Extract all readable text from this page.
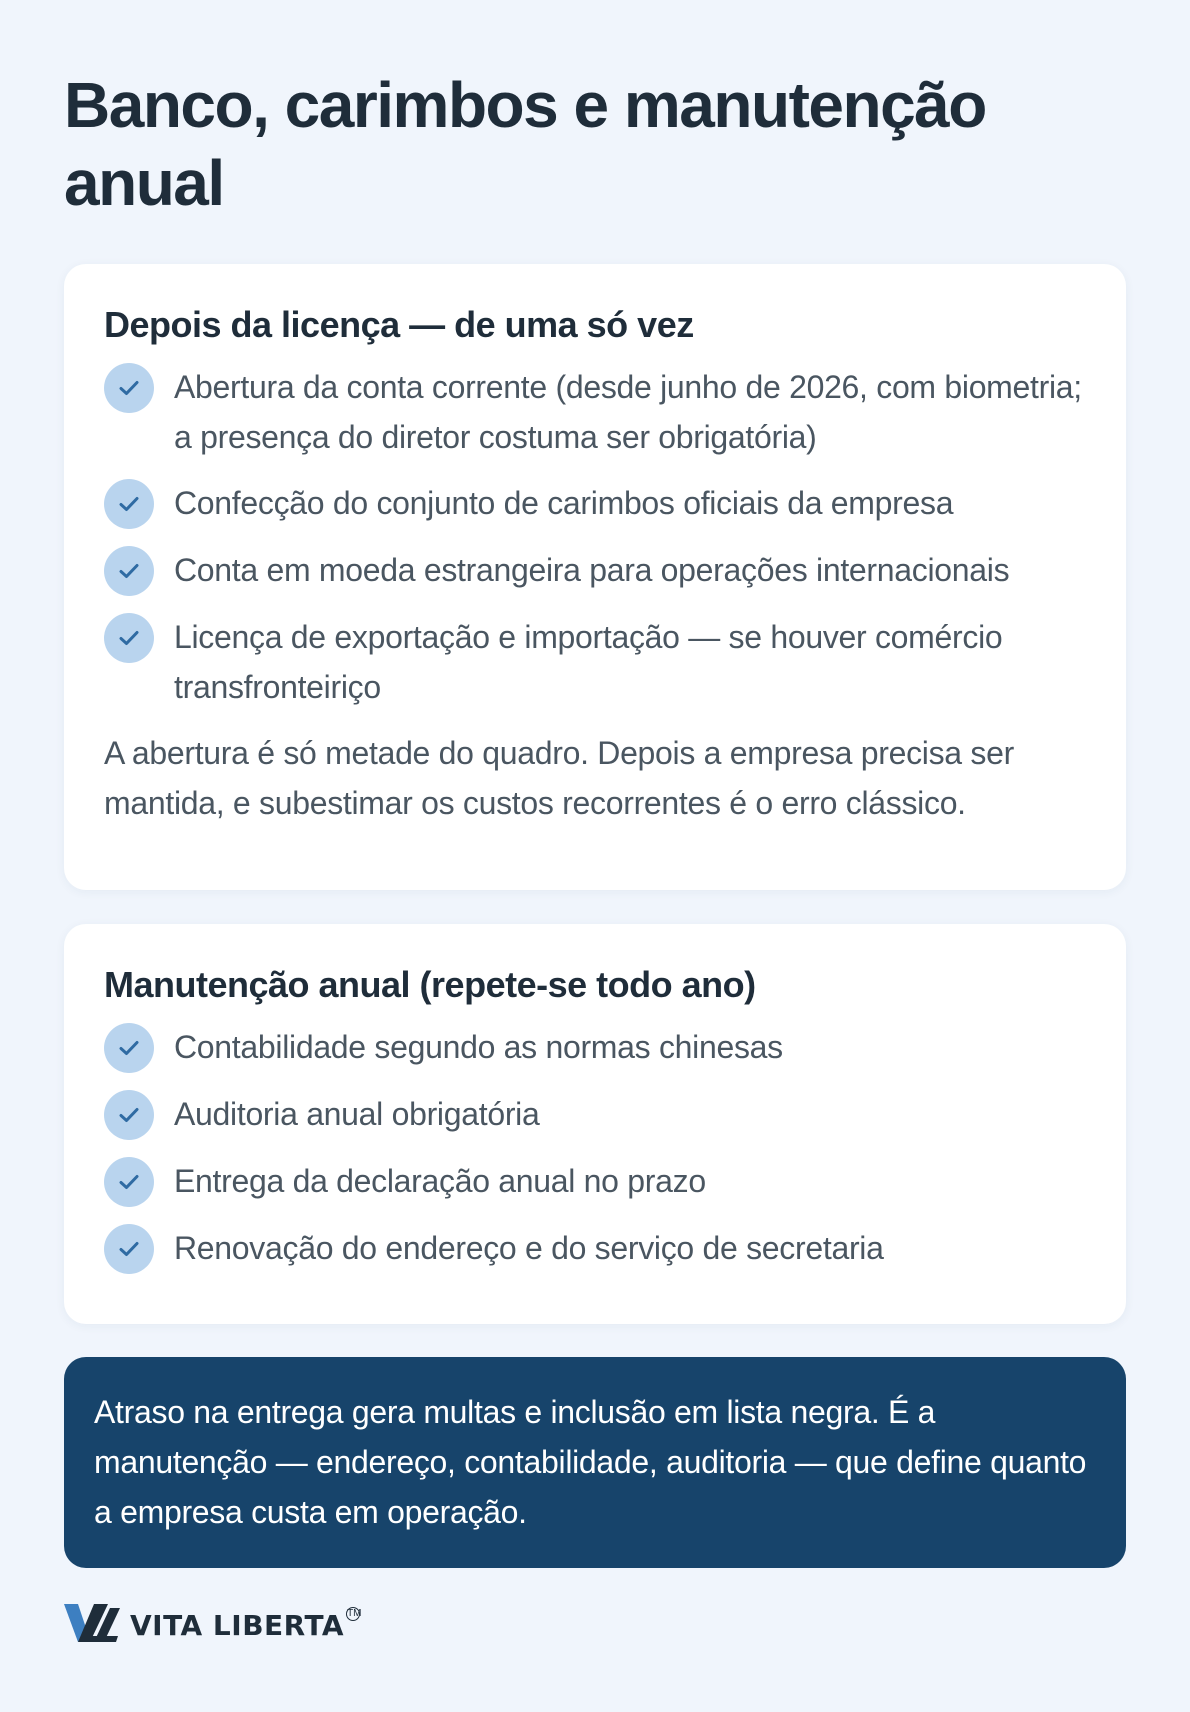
Banco, carimbos e manutenção anual
Depois da licença — de uma só vez
Abertura da conta corrente (desde junho de 2026, com biometria; a presença do diretor costuma ser obrigatória)
Confecção do conjunto de carimbos oficiais da empresa
Conta em moeda estrangeira para operações internacionais
Licença de exportação e importação — se houver comércio transfronteiriço

A abertura é só metade do quadro. Depois a empresa precisa ser mantida, e subestimar os custos recorrentes é o erro clássico.

Manutenção anual (repete-se todo ano)
Contabilidade segundo as normas chinesas
Auditoria anual obrigatória
Entrega da declaração anual no prazo
Renovação do endereço e do serviço de secretaria

Atraso na entrega gera multas e inclusão em lista negra. É a manutenção — endereço, contabilidade, auditoria — que define quanto a empresa custa em operação.

VITA LIBERTA TM
